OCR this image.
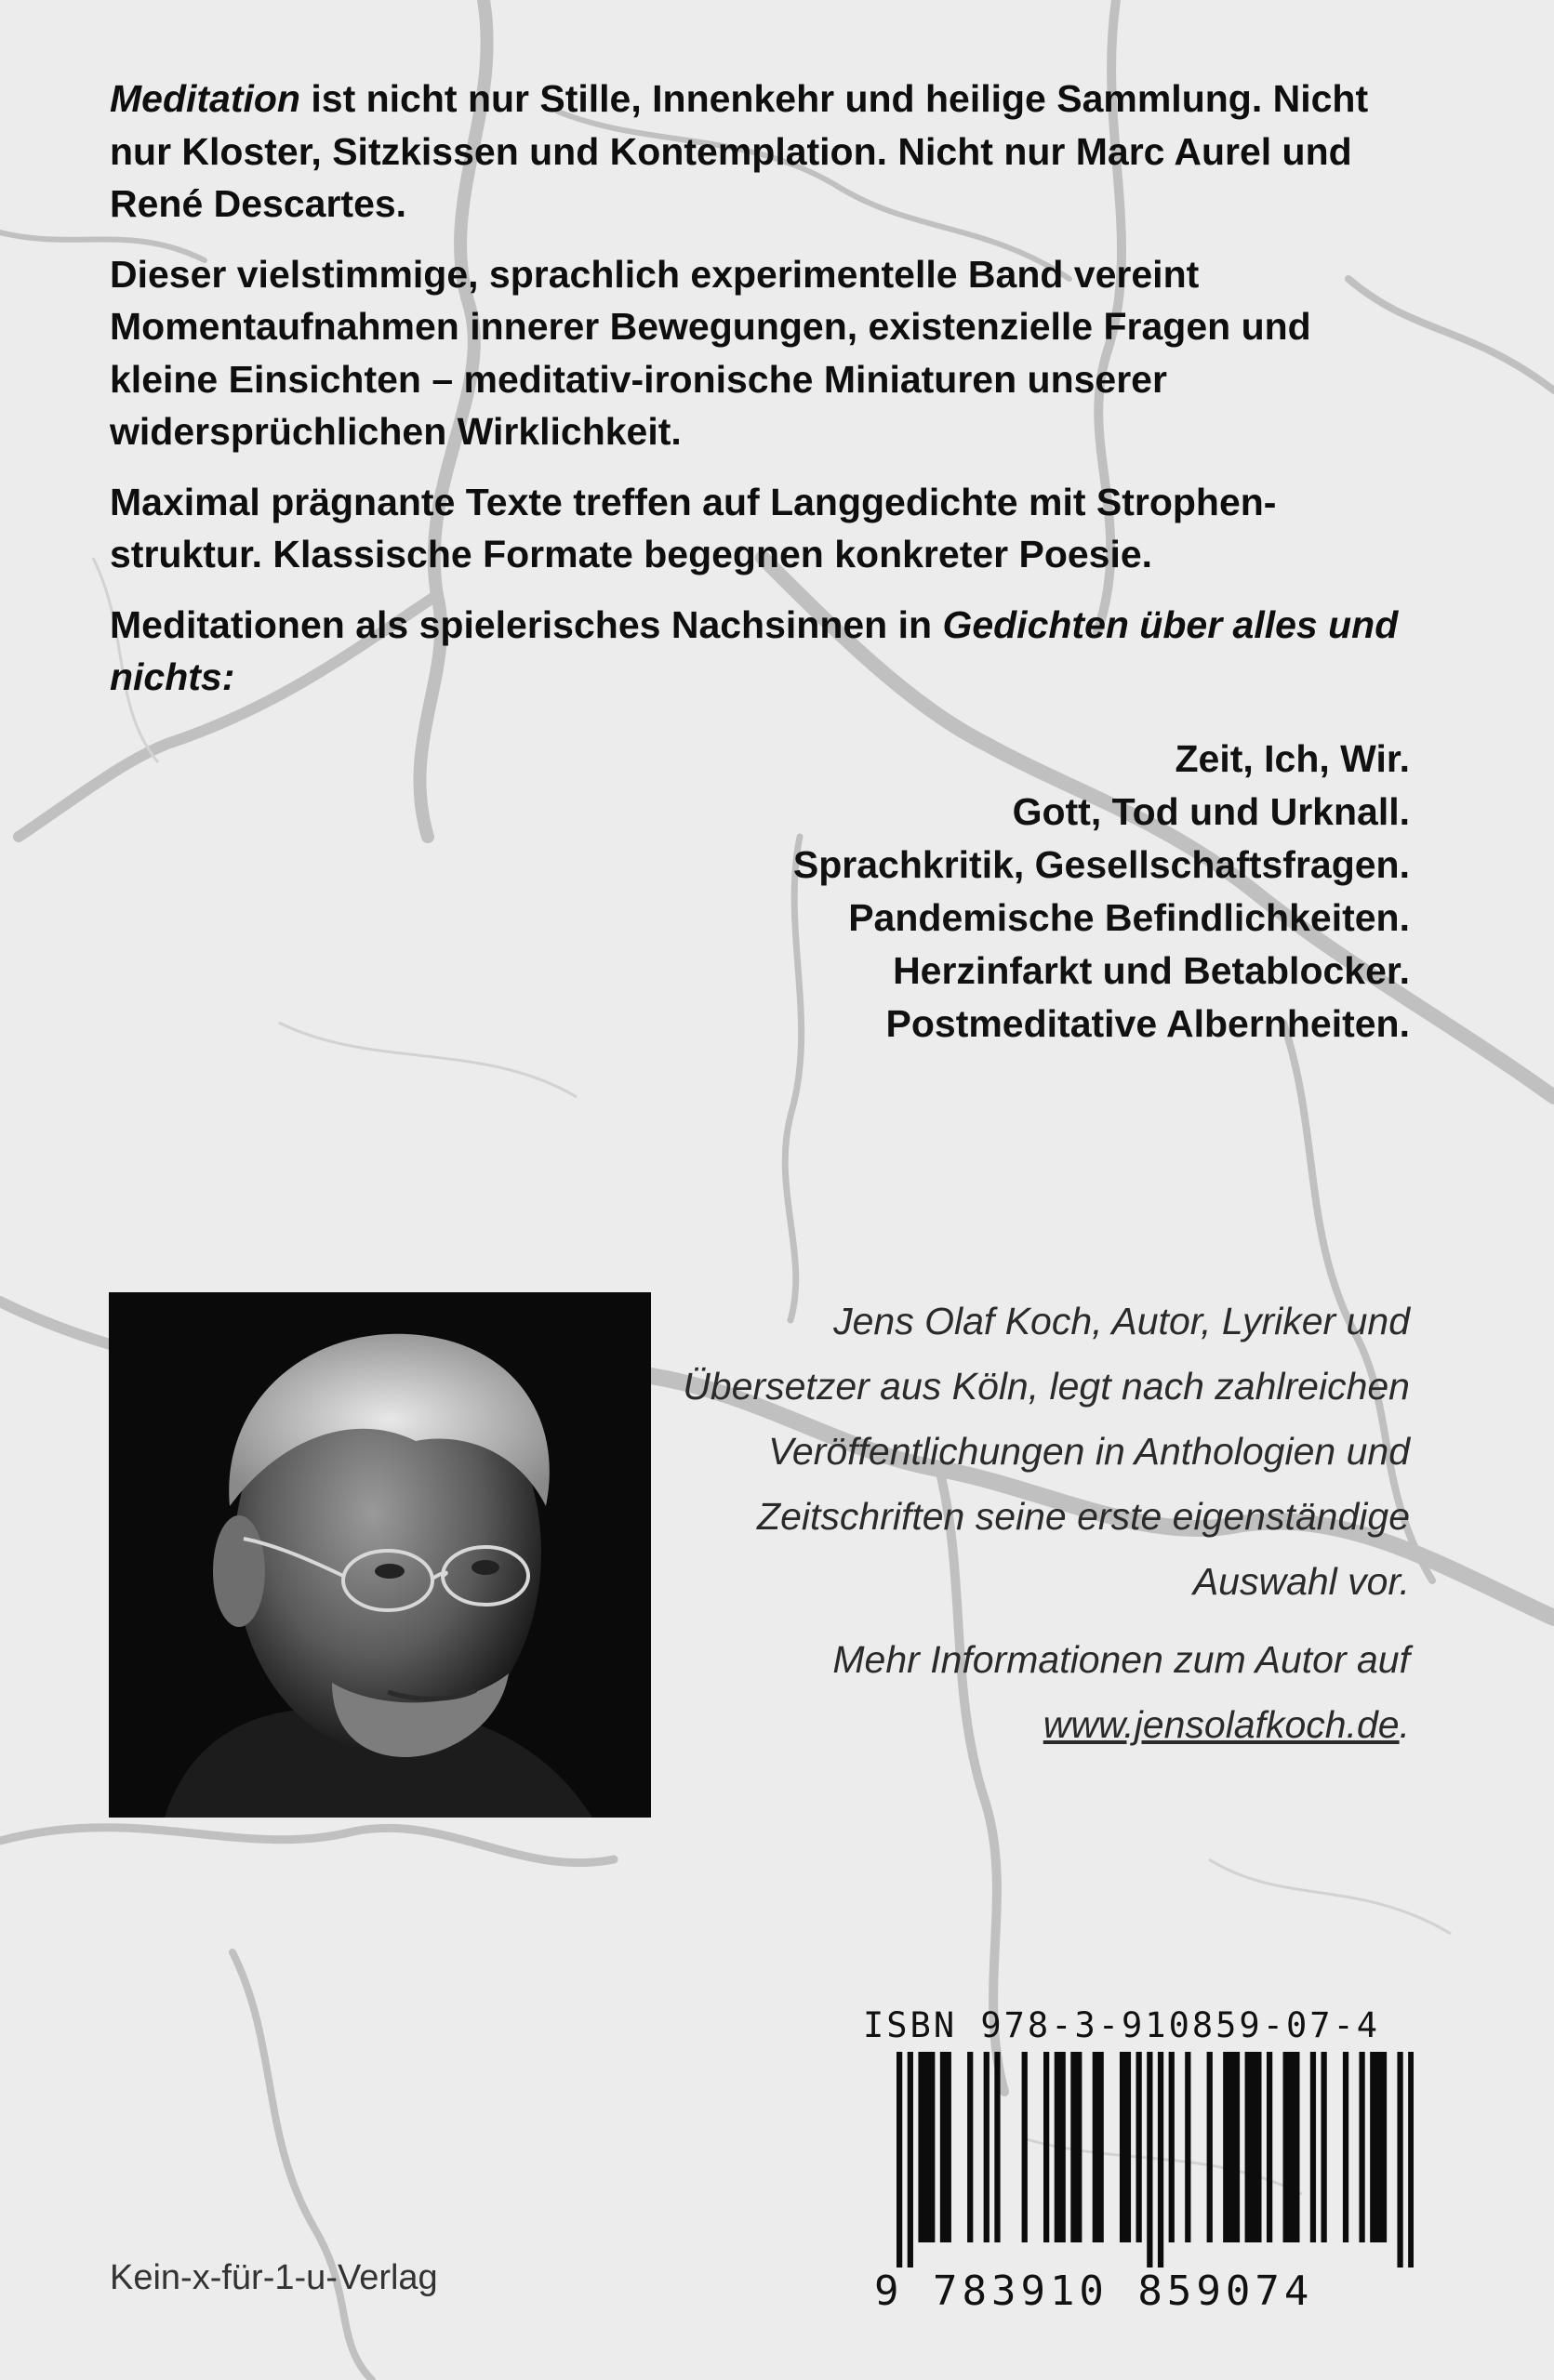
Meditation ist nicht nur Stille, Innenkehr und heilige Sammlung. Nicht nur Kloster, Sitzkissen und Kontemplation. Nicht nur Marc Aurel und René Descartes.

Dieser vielstimmige, sprachlich experimentelle Band vereint Momentaufnahmen innerer Bewegungen, existenzielle Fragen und kleine Einsichten – meditativ-ironische Miniaturen unserer widersprüchlichen Wirklichkeit.

Maximal prägnante Texte treffen auf Langgedichte mit Strophen-struktur. Klassische Formate begegnen konkreter Poesie.

Meditationen als spielerisches Nachsinnen in Gedichten über alles und nichts:

Zeit, Ich, Wir.
Gott, Tod und Urknall.
Sprachkritik, Gesellschaftsfragen.
Pandemische Befindlichkeiten.
Herzinfarkt und Betablocker.
Postmeditative Albernheiten.

Jens Olaf Koch, Autor, Lyriker und Übersetzer aus Köln, legt nach zahlreichen Veröffentlichungen in Anthologien und Zeitschriften seine erste eigenständige Auswahl vor.

Mehr Informationen zum Autor auf www.jensolafkoch.de.

ISBN 978-3-910859-07-4
9 783910 859074
Kein-x-für-1-u-Verlag
